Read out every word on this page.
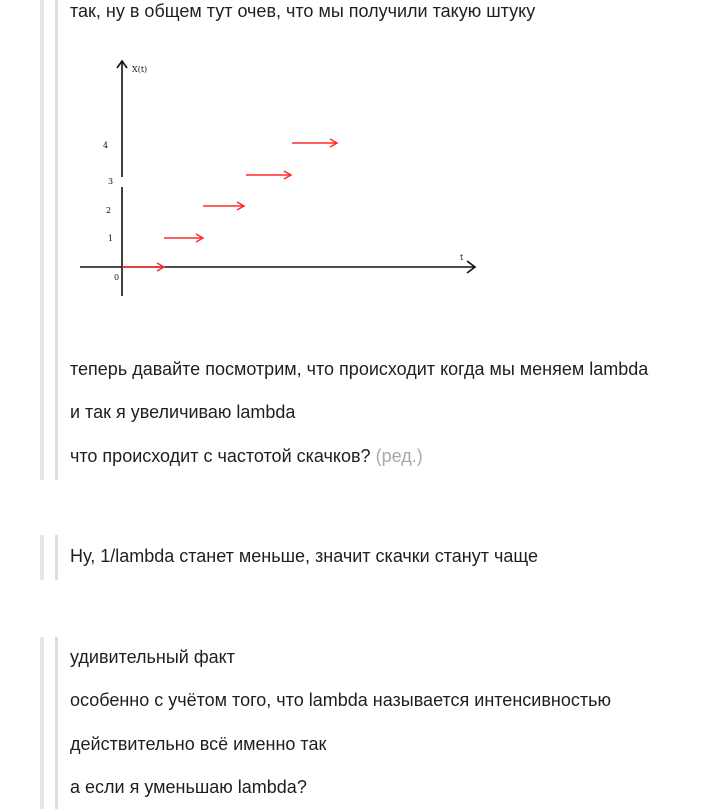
так, ну в общем тут очев, что мы получили такую штуку
теперь давайте посмотрим, что происходит когда мы меняем lambda
и так я увеличиваю lambda
что происходит с частотой скачков? (ред.)
X(t)
t
0
1
2
3
4
Ну, 1/lambda станет меньше, значит скачки станут чаще
удивительный факт
особенно с учётом того, что lambda называется интенсивностью
действительно всё именно так
а если я уменьшаю lambda?
